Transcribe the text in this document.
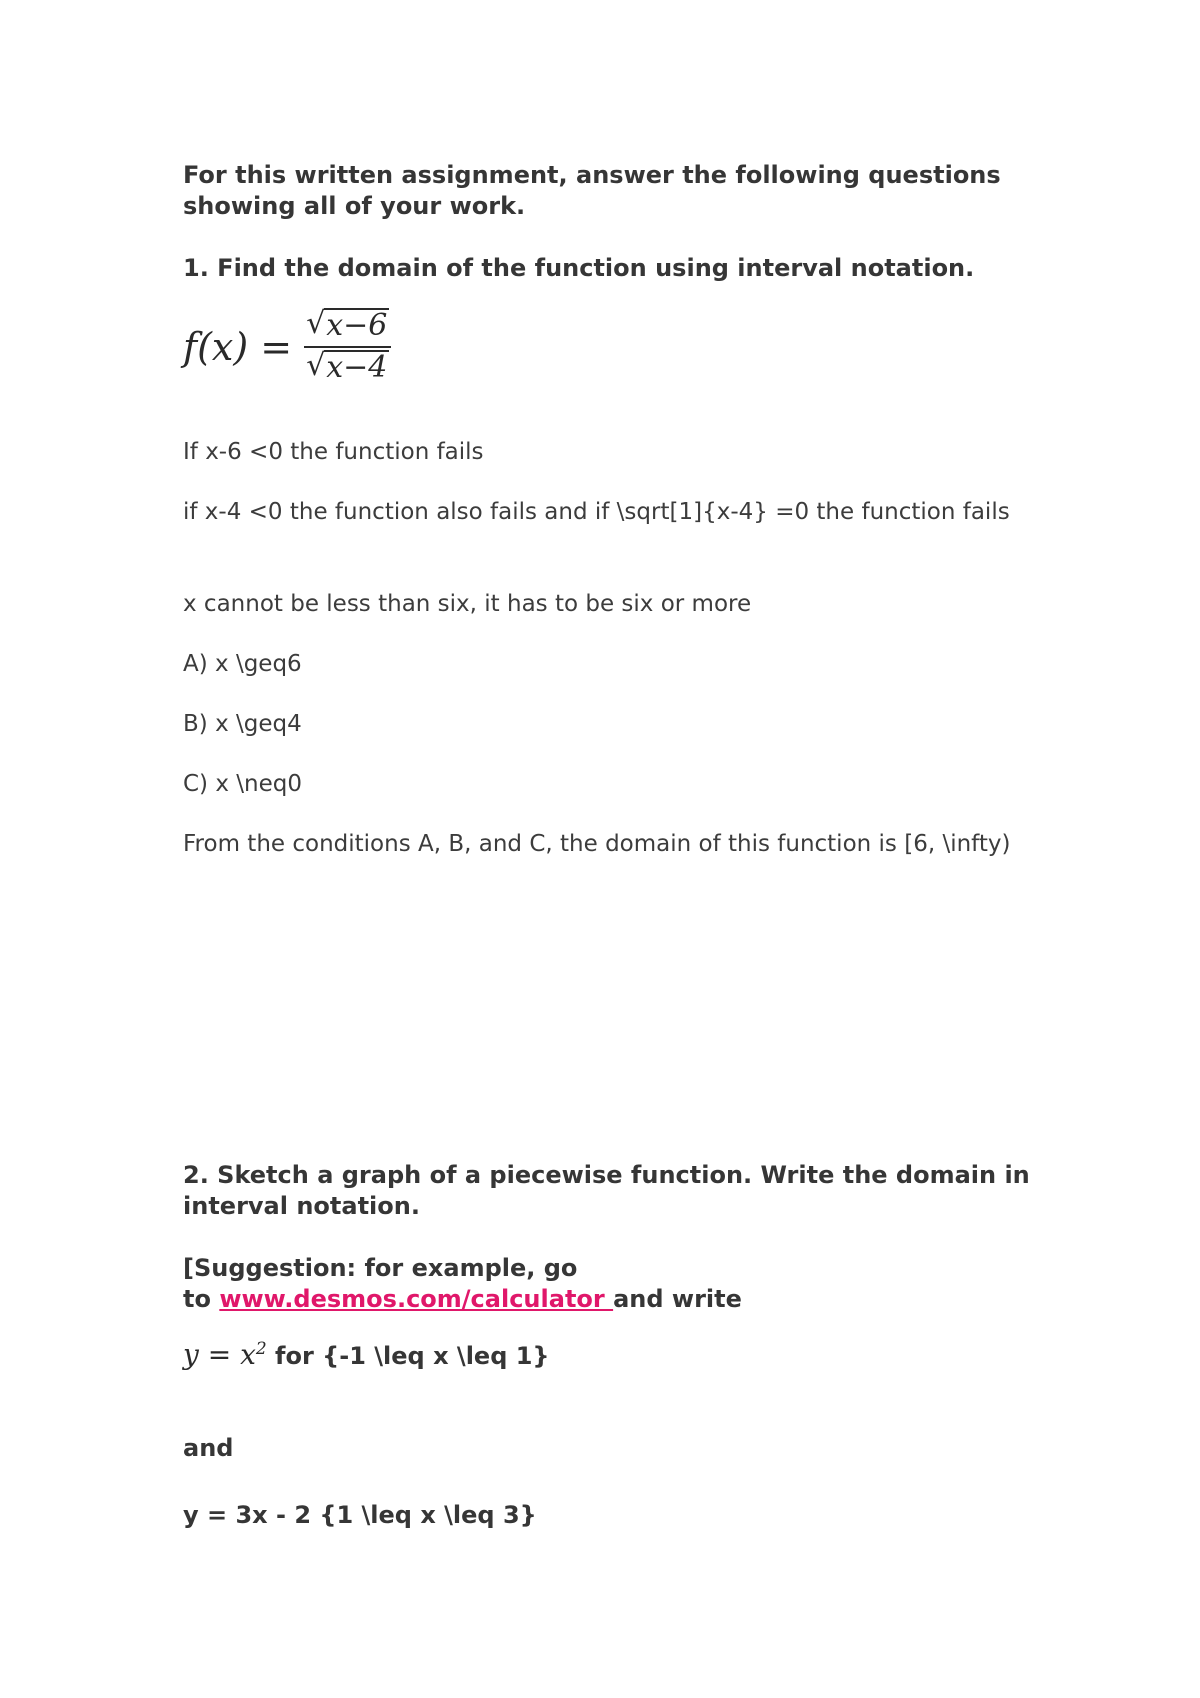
For this written assignment, answer the following questions showing all of your work.

1. Find the domain of the function using interval notation.

$f(x) = \frac{√ x-6}{√ x-4}$

If x-6 <0 the function fails

if x-4 <0 the function also fails and if \sqrt[1]{x-4} =0 the function fails

x cannot be less than six, it has to be six or more

A) x \geq6

B) x \geq4

C) x \neq0

From the conditions A, B, and C, the domain of this function is [6, \infty)

2. Sketch a graph of a piecewise function. Write the domain in interval notation.

[Suggestion: for example, go
to www.desmos.com/calculator and write

$y = x^2$ for {-1 \leq x \leq 1}

and

y = 3x - 2 {1 \leq x \leq 3}
